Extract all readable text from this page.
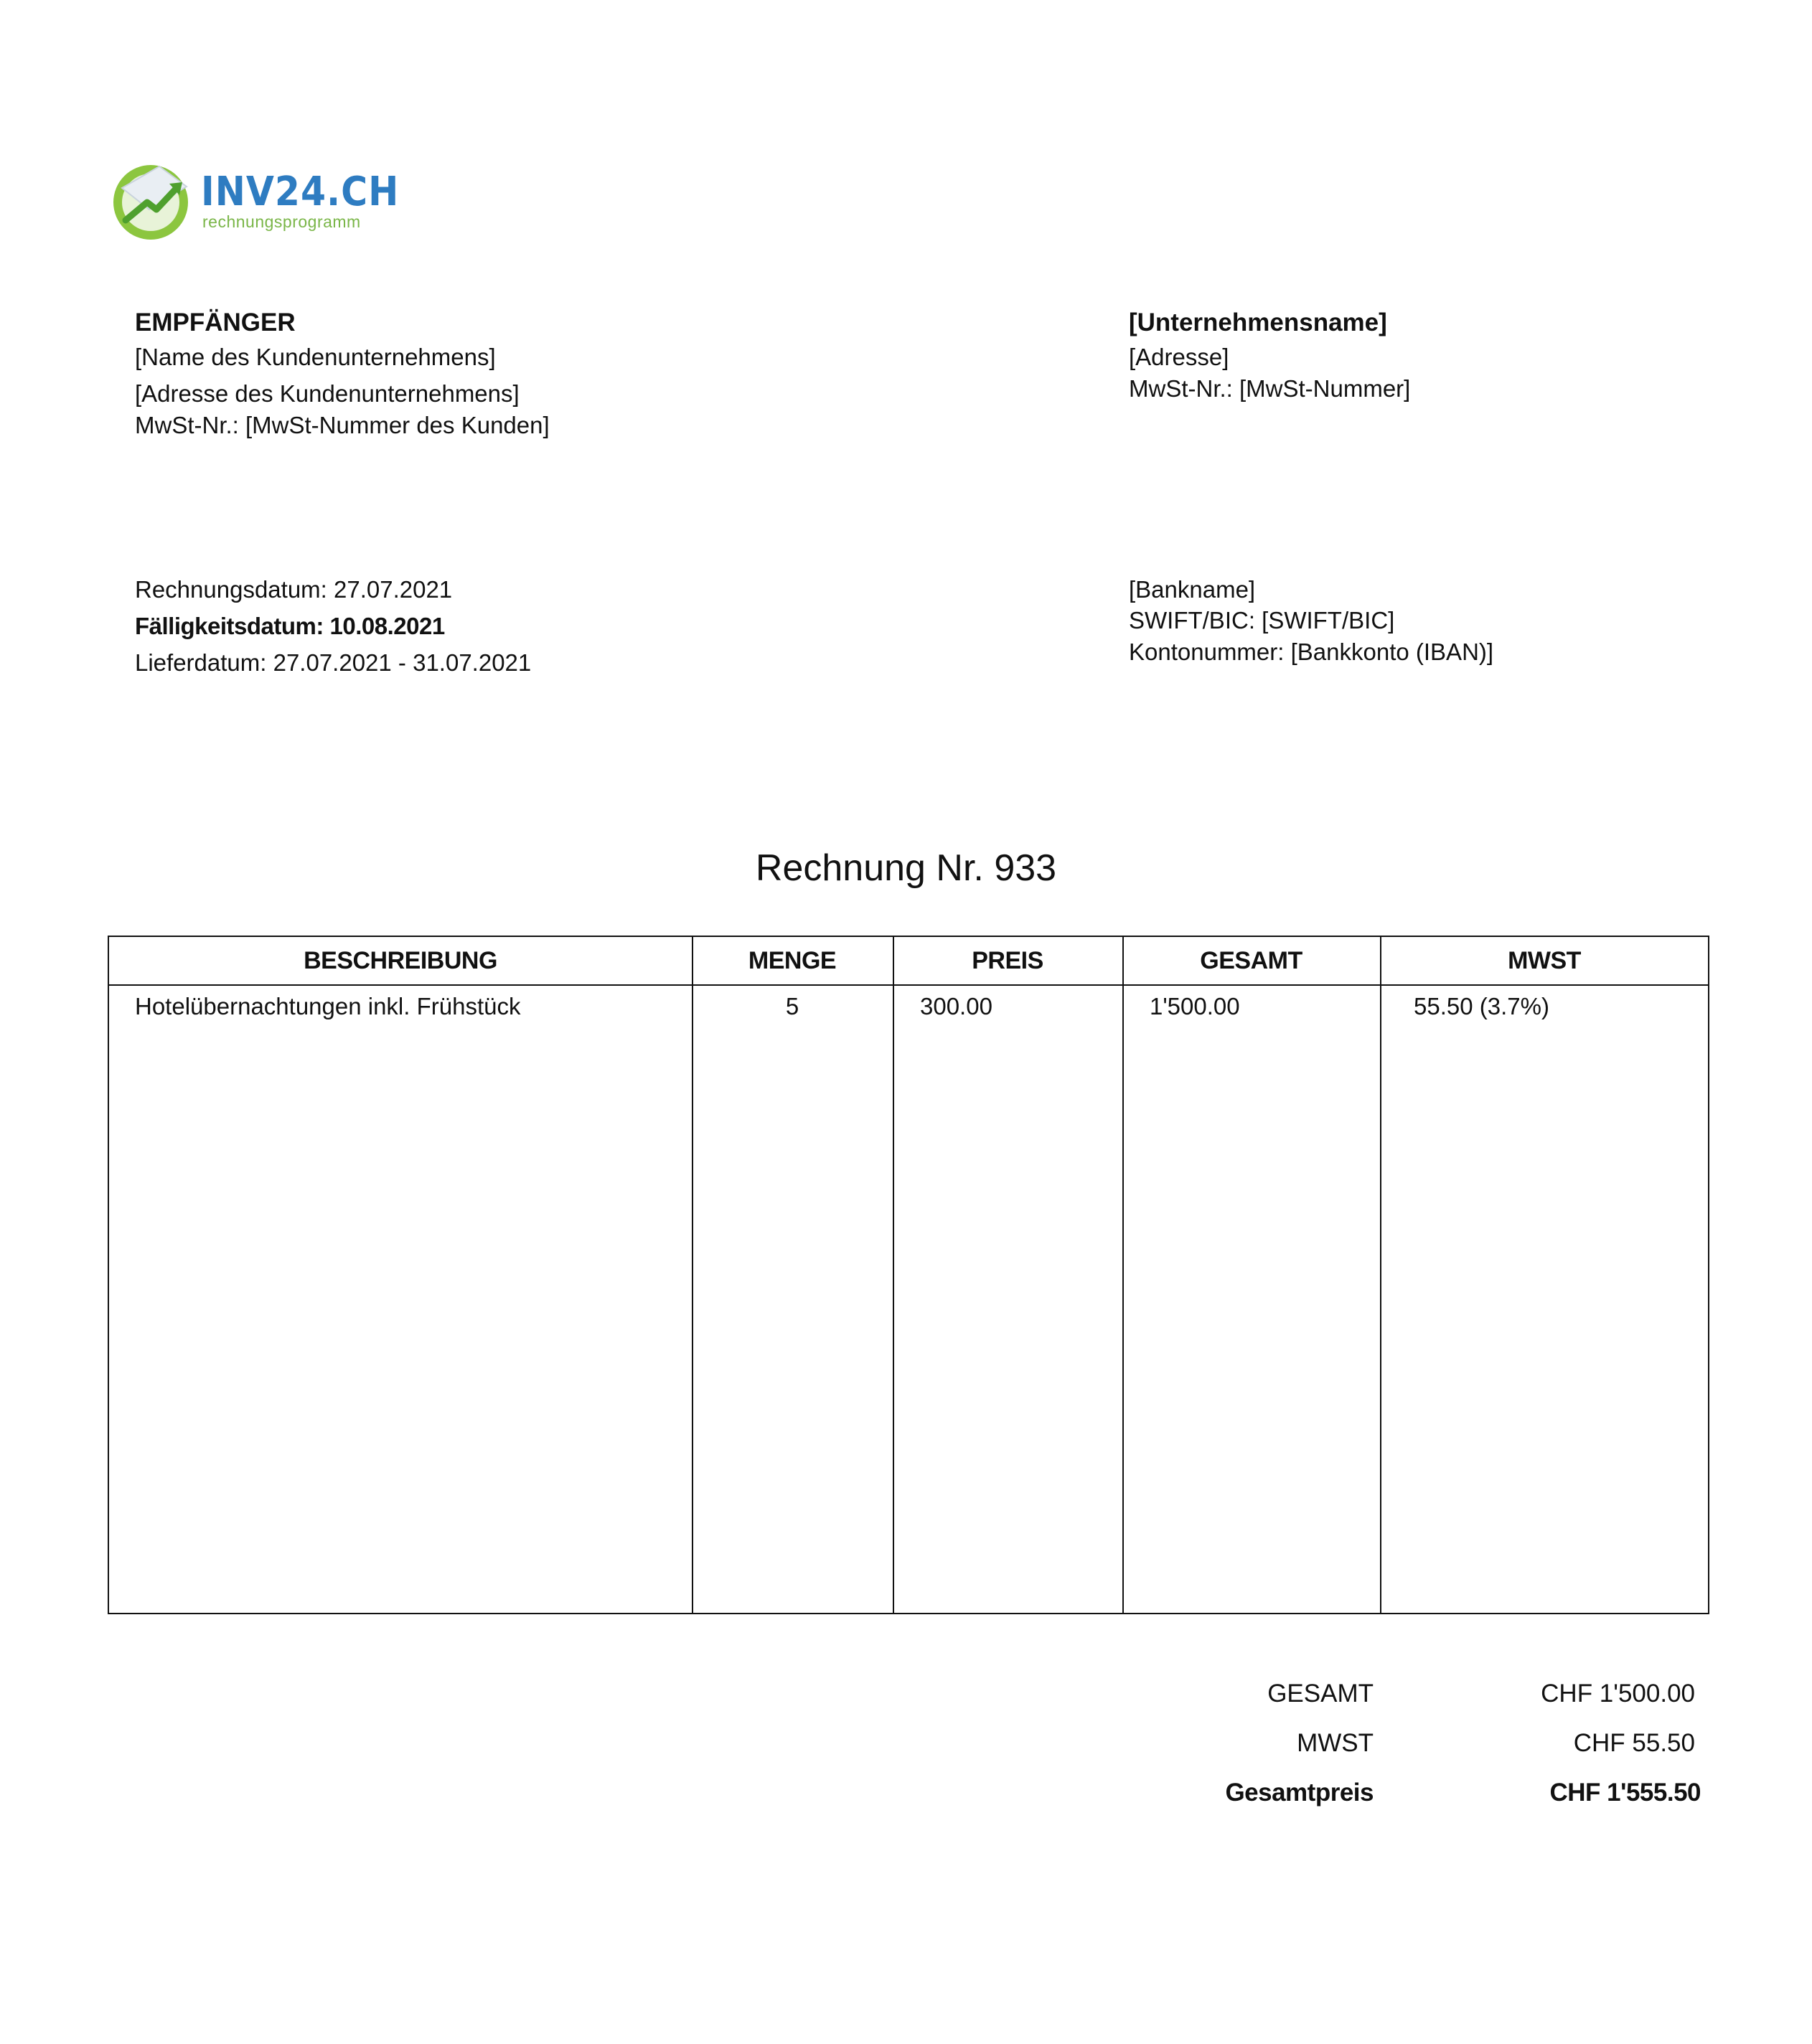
INV24.CH
rechnungsprogramm
EMPFÄNGER
[Name des Kundenunternehmens]
[Adresse des Kundenunternehmens]
MwSt-Nr.: [MwSt-Nummer des Kunden]
[Unternehmensname]
[Adresse]
MwSt-Nr.: [MwSt-Nummer]
Rechnungsdatum: 27.07.2021
Fälligkeitsdatum: 10.08.2021
Lieferdatum: 27.07.2021 - 31.07.2021
[Bankname]
SWIFT/BIC: [SWIFT/BIC]
Kontonummer: [Bankkonto (IBAN)]
Rechnung Nr. 933
BESCHREIBUNG	MENGE	PREIS	GESAMT	MWST
Hotelübernachtungen inkl. Frühstück	5	300.00	1'500.00	55.50 (3.7%)
GESAMT	CHF 1'500.00
MWST	CHF 55.50
Gesamtpreis	CHF 1'555.50
